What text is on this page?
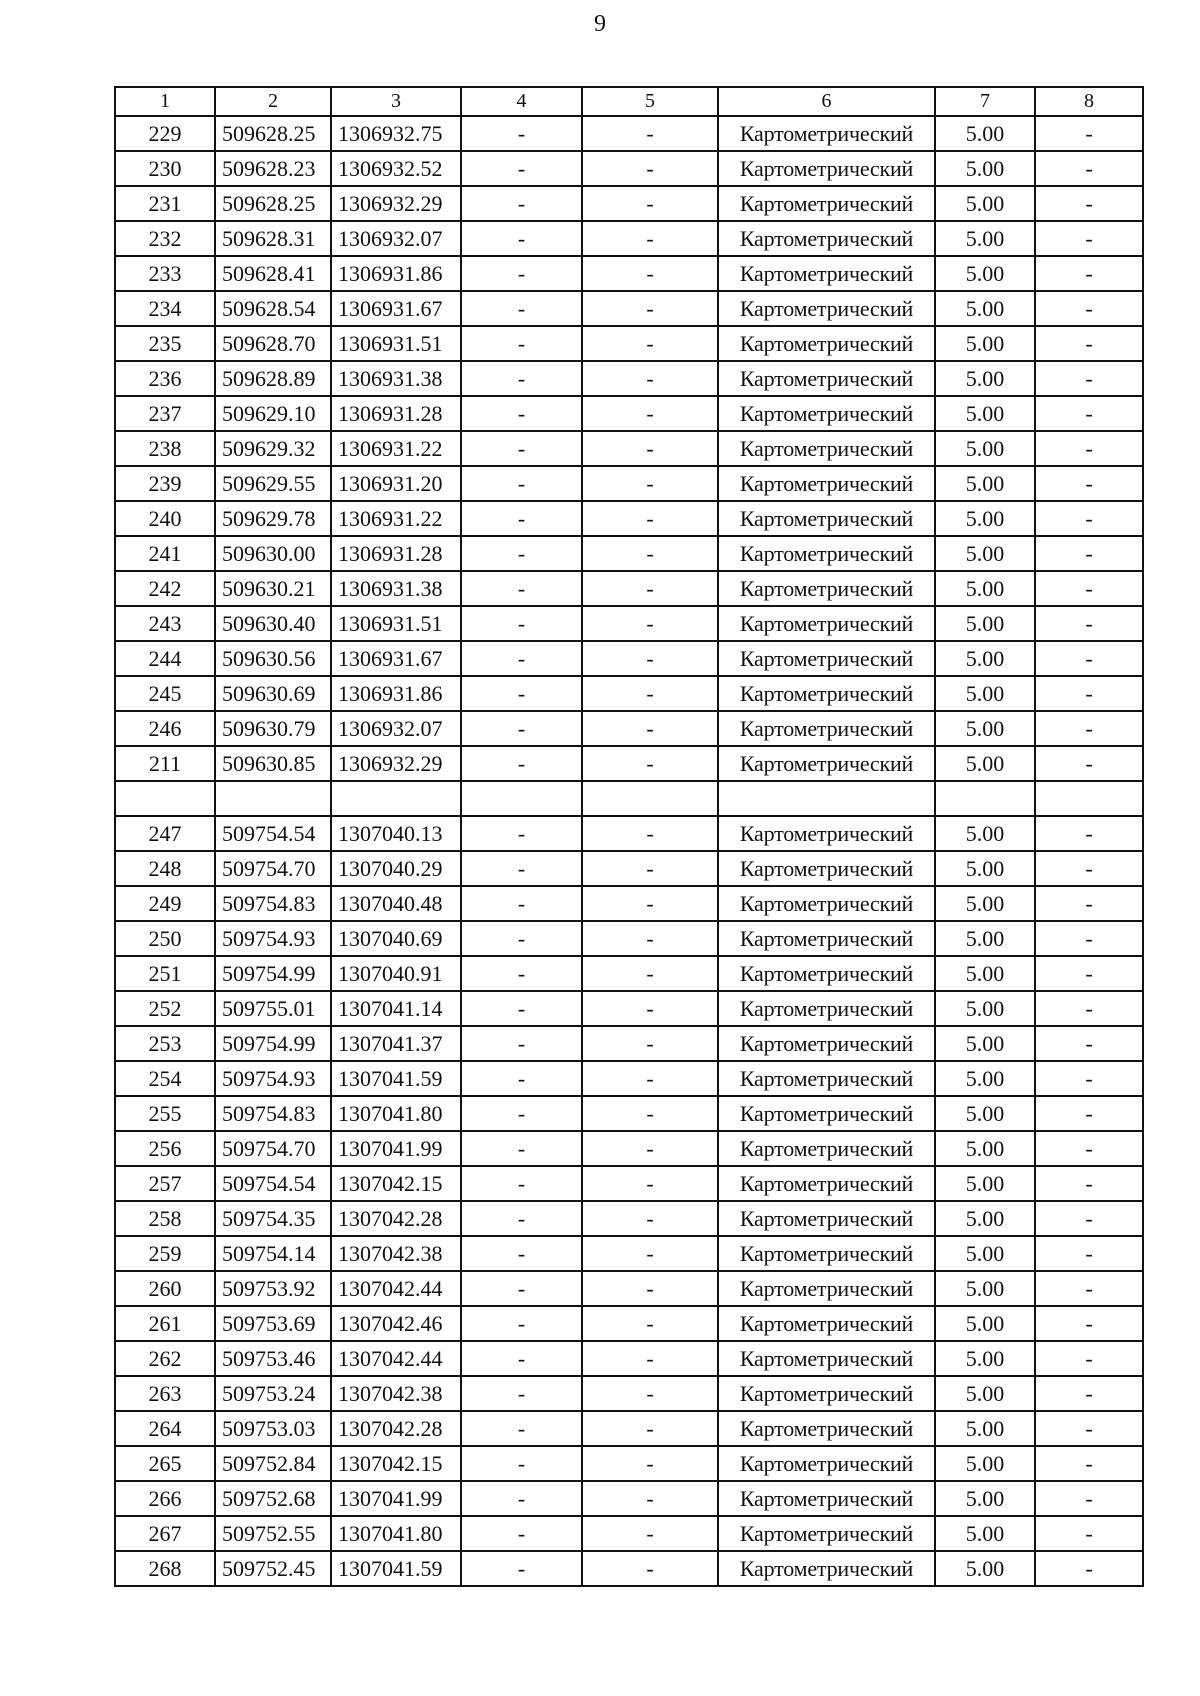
9
1	2	3	4	5	6	7	8
229	509628.25	1306932.75	-	-	Картометрический	5.00	-
230	509628.23	1306932.52	-	-	Картометрический	5.00	-
231	509628.25	1306932.29	-	-	Картометрический	5.00	-
232	509628.31	1306932.07	-	-	Картометрический	5.00	-
233	509628.41	1306931.86	-	-	Картометрический	5.00	-
234	509628.54	1306931.67	-	-	Картометрический	5.00	-
235	509628.70	1306931.51	-	-	Картометрический	5.00	-
236	509628.89	1306931.38	-	-	Картометрический	5.00	-
237	509629.10	1306931.28	-	-	Картометрический	5.00	-
238	509629.32	1306931.22	-	-	Картометрический	5.00	-
239	509629.55	1306931.20	-	-	Картометрический	5.00	-
240	509629.78	1306931.22	-	-	Картометрический	5.00	-
241	509630.00	1306931.28	-	-	Картометрический	5.00	-
242	509630.21	1306931.38	-	-	Картометрический	5.00	-
243	509630.40	1306931.51	-	-	Картометрический	5.00	-
244	509630.56	1306931.67	-	-	Картометрический	5.00	-
245	509630.69	1306931.86	-	-	Картометрический	5.00	-
246	509630.79	1306932.07	-	-	Картометрический	5.00	-
211	509630.85	1306932.29	-	-	Картометрический	5.00	-

247	509754.54	1307040.13	-	-	Картометрический	5.00	-
248	509754.70	1307040.29	-	-	Картометрический	5.00	-
249	509754.83	1307040.48	-	-	Картометрический	5.00	-
250	509754.93	1307040.69	-	-	Картометрический	5.00	-
251	509754.99	1307040.91	-	-	Картометрический	5.00	-
252	509755.01	1307041.14	-	-	Картометрический	5.00	-
253	509754.99	1307041.37	-	-	Картометрический	5.00	-
254	509754.93	1307041.59	-	-	Картометрический	5.00	-
255	509754.83	1307041.80	-	-	Картометрический	5.00	-
256	509754.70	1307041.99	-	-	Картометрический	5.00	-
257	509754.54	1307042.15	-	-	Картометрический	5.00	-
258	509754.35	1307042.28	-	-	Картометрический	5.00	-
259	509754.14	1307042.38	-	-	Картометрический	5.00	-
260	509753.92	1307042.44	-	-	Картометрический	5.00	-
261	509753.69	1307042.46	-	-	Картометрический	5.00	-
262	509753.46	1307042.44	-	-	Картометрический	5.00	-
263	509753.24	1307042.38	-	-	Картометрический	5.00	-
264	509753.03	1307042.28	-	-	Картометрический	5.00	-
265	509752.84	1307042.15	-	-	Картометрический	5.00	-
266	509752.68	1307041.99	-	-	Картометрический	5.00	-
267	509752.55	1307041.80	-	-	Картометрический	5.00	-
268	509752.45	1307041.59	-	-	Картометрический	5.00	-
